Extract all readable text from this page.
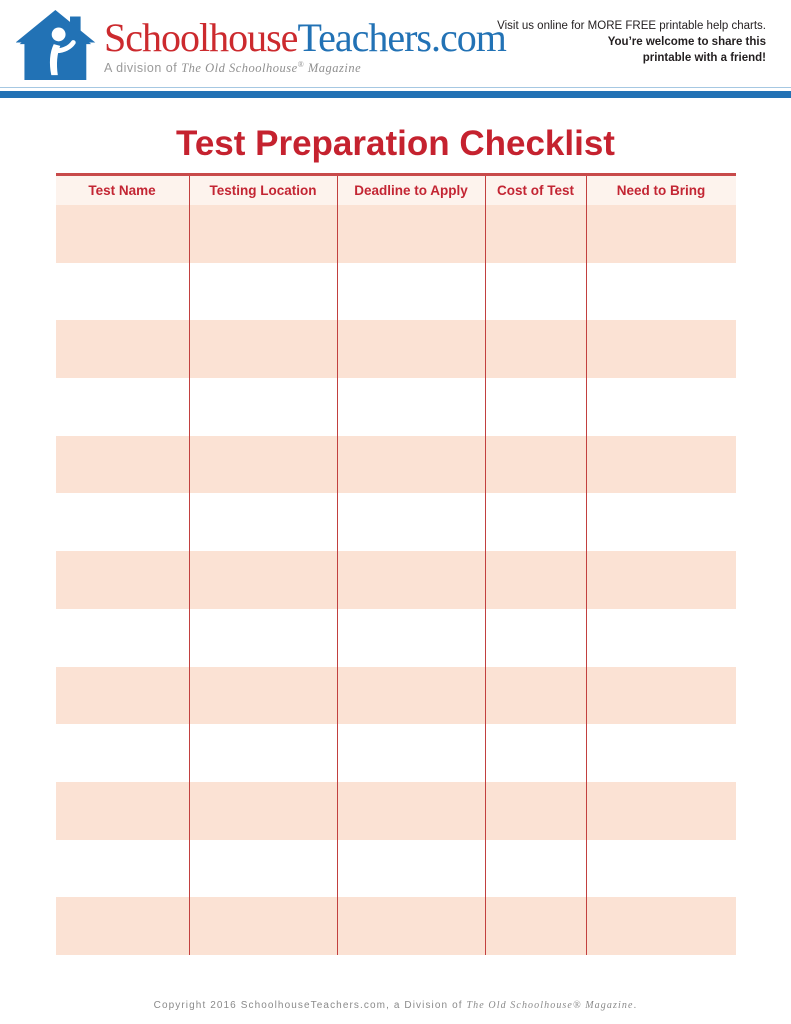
SchoolhouseTeachers.com
A division of The Old Schoolhouse® Magazine
Visit us online for MORE FREE printable help charts.
You’re welcome to share this
printable with a friend!
Test Preparation Checklist
Test Name	Testing Location	Deadline to Apply	Cost of Test	Need to Bring
Copyright 2016 SchoolhouseTeachers.com, a Division of The Old Schoolhouse® Magazine.
